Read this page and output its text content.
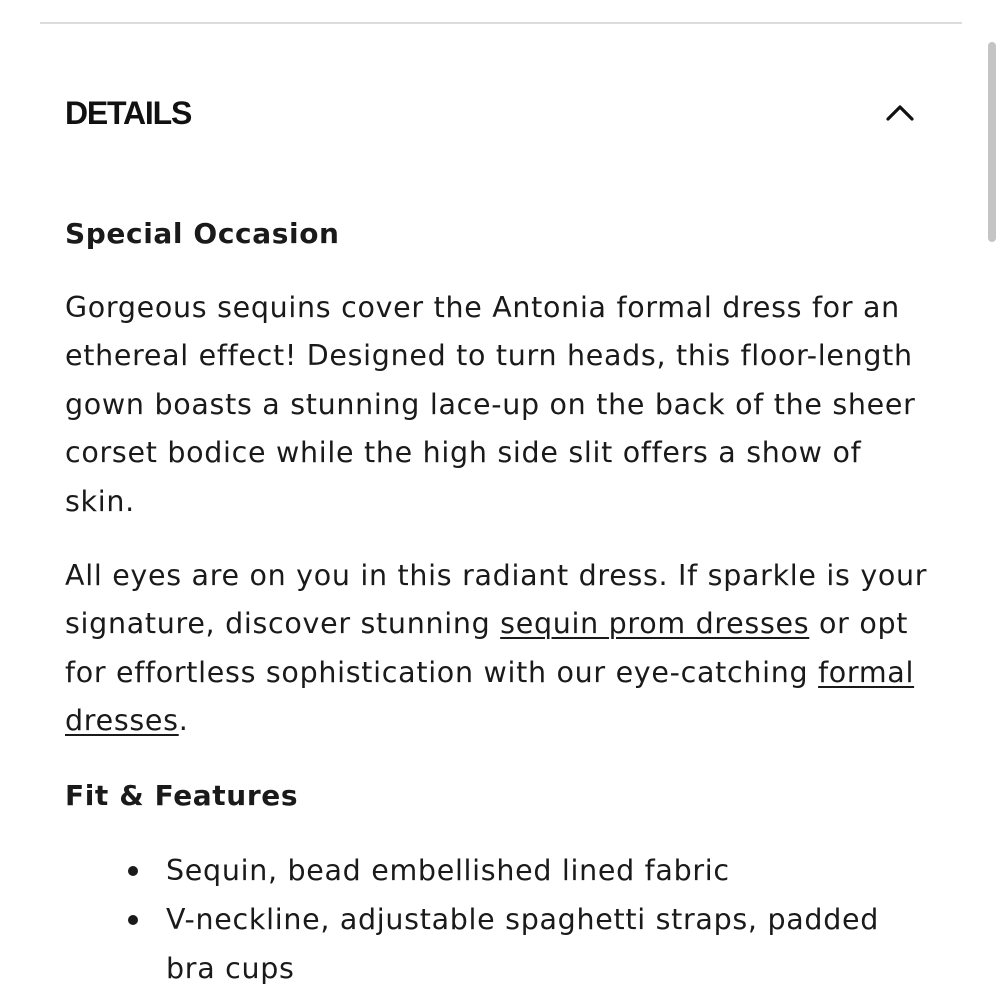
DETAILS

Special Occasion

Gorgeous sequins cover the Antonia formal dress for an ethereal effect! Designed to turn heads, this floor-length gown boasts a stunning lace-up on the back of the sheer corset bodice while the high side slit offers a show of skin.

All eyes are on you in this radiant dress. If sparkle is your signature, discover stunning sequin prom dresses or opt for effortless sophistication with our eye-catching formal dresses.

Fit & Features

Sequin, bead embellished lined fabric
V-neckline, adjustable spaghetti straps, padded bra cups
